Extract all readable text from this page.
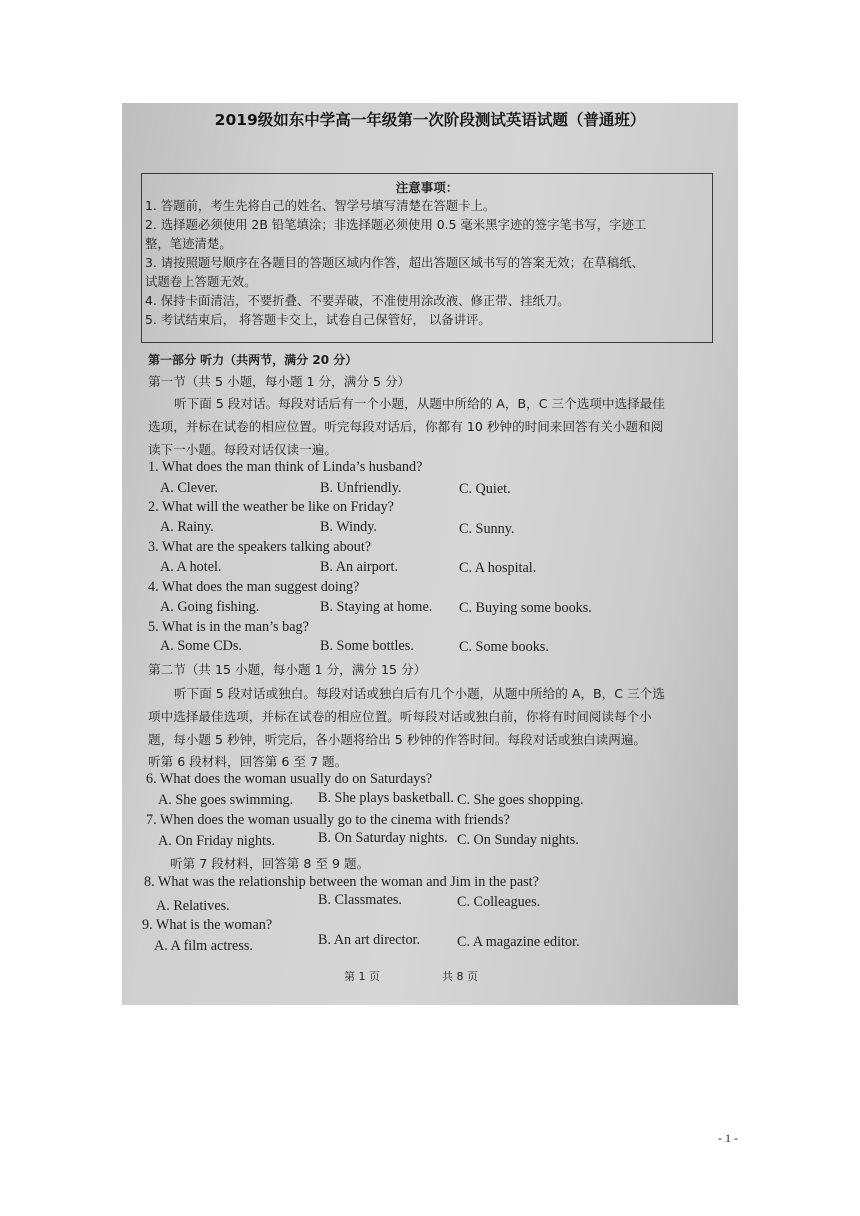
2019级如东中学高一年级第一次阶段测试英语试题（普通班）
注意事项：
1. 答题前，考生先将自己的姓名、智学号填写清楚在答题卡上。
2. 选择题必须使用 2B 铅笔填涂；非选择题必须使用 0.5 毫米黑字迹的签字笔书写，字迹工
整，笔迹清楚。
3. 请按照题号顺序在各题目的答题区域内作答，超出答题区域书写的答案无效；在草稿纸、
试题卷上答题无效。
4. 保持卡面清洁，不要折叠、不要弄破，不准使用涂改液、修正带、挂纸刀。
5. 考试结束后， 将答题卡交上，试卷自己保管好， 以备讲评。
第一部分 听力（共两节，满分 20 分）
第一节（共 5 小题，每小题 1 分，满分 5 分）
听下面 5 段对话。每段对话后有一个小题，从题中所给的 A，B，C 三个选项中选择最佳
选项，并标在试卷的相应位置。听完每段对话后，你都有 10 秒钟的时间来回答有关小题和阅
读下一小题。每段对话仅读一遍。
1. What does the man think of Linda’s husband?
A. Clever.	B. Unfriendly.	C. Quiet.
2. What will the weather be like on Friday?
A. Rainy.	B. Windy.	C. Sunny.
3. What are the speakers talking about?
A. A hotel.	B. An airport.	C. A hospital.
4. What does the man suggest doing?
A. Going fishing.	B. Staying at home. C. Buying some books.
5. What is in the man’s bag?
A. Some CDs.	B. Some bottles.	C. Some books.
第二节（共 15 小题，每小题 1 分，满分 15 分）
听下面 5 段对话或独白。每段对话或独白后有几个小题，从题中所给的 A，B，C 三个选
项中选择最佳选项，并标在试卷的相应位置。听每段对话或独白前，你将有时间阅读每个小
题，每小题 5 秒钟，听完后，各小题将给出 5 秒钟的作答时间。每段对话或独白读两遍。
听第 6 段材料，回答第 6 至 7 题。
6. What does the woman usually do on Saturdays?
A. She goes swimming. B. She plays basketball. C. She goes shopping.
7. When does the woman usually go to the cinema with friends?
A. On Friday nights.	B. On Saturday nights. C. On Sunday nights.
听第 7 段材料，回答第 8 至 9 题。
8. What was the relationship between the woman and Jim in the past?
A. Relatives.	B. Classmates.	C. Colleagues.
9. What is the woman?
A. A film actress.	B. An art director.	C. A magazine editor.
第 1 页	共 8 页
- 1 -
